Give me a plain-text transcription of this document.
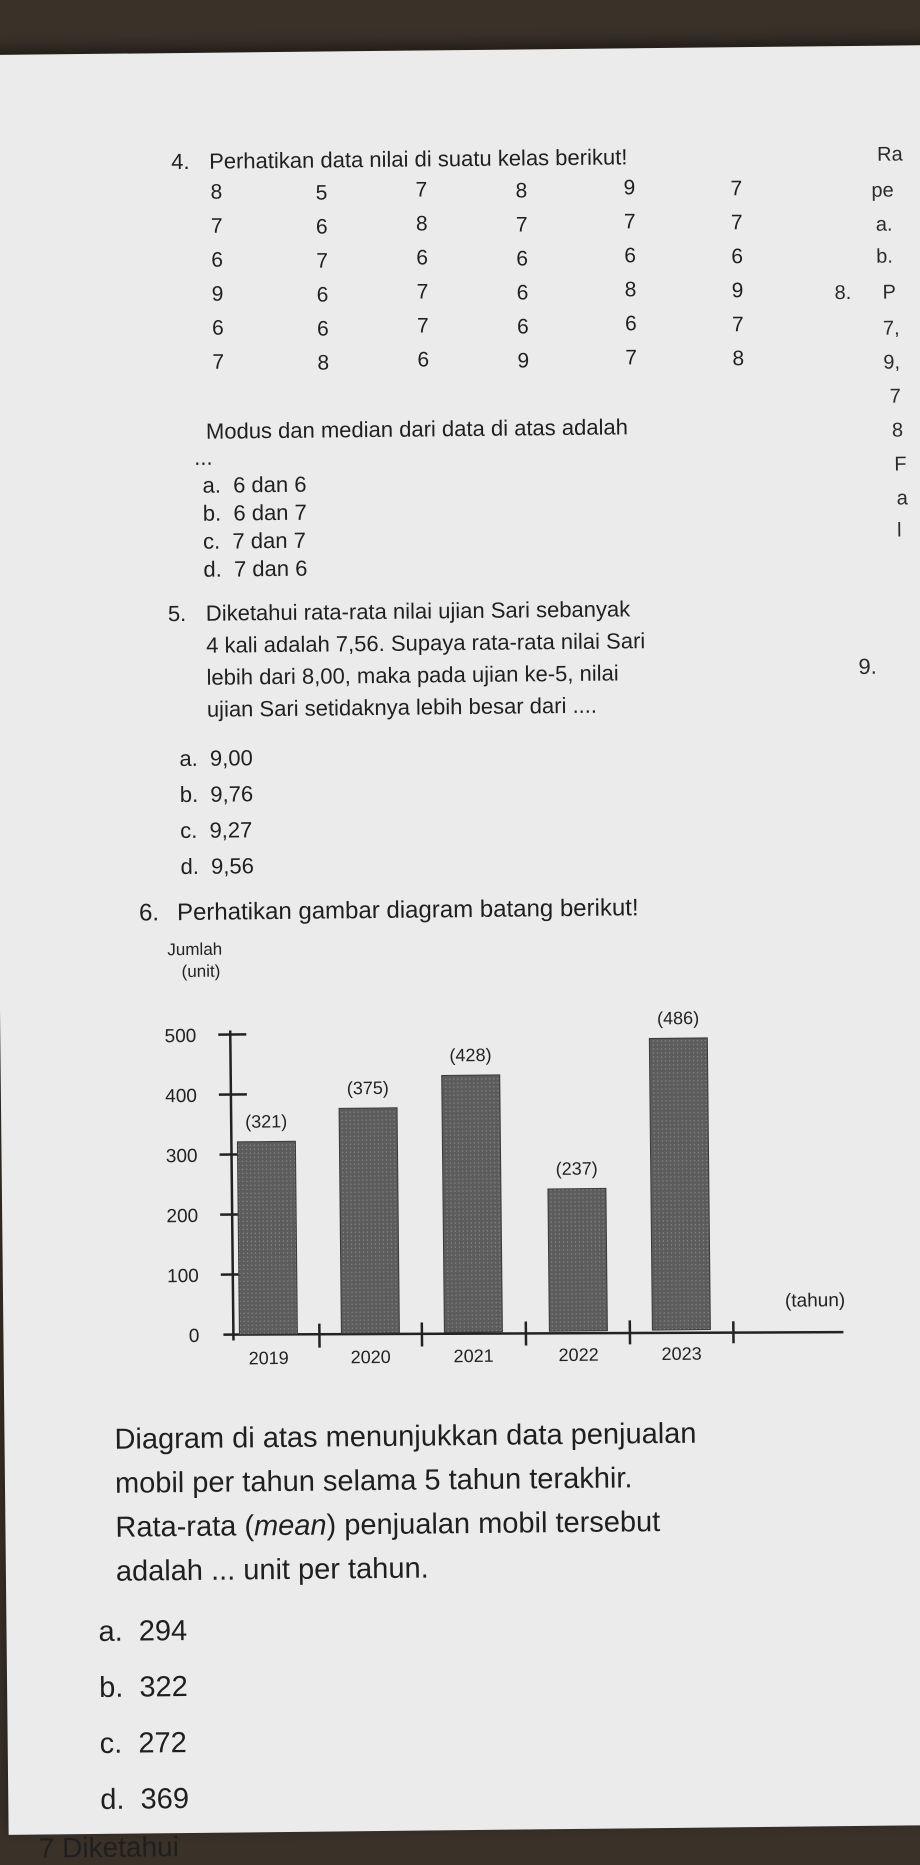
4. Perhatikan data nilai di suatu kelas berikut!
8	5	7	8	9	7
7	6	8	7	7	7
6	7	6	6	6	6
9	6	7	6	8	9
6	6	7	6	6	7
7	8	6	9	7	8
Modus dan median dari data di atas adalah
...
a. 6 dan 6
b. 6 dan 7
c. 7 dan 7
d. 7 dan 6
5. Diketahui rata-rata nilai ujian Sari sebanyak
4 kali adalah 7,56. Supaya rata-rata nilai Sari
lebih dari 8,00, maka pada ujian ke-5, nilai
ujian Sari setidaknya lebih besar dari ....
a. 9,00
b. 9,76
c. 9,27
d. 9,56
6. Perhatikan gambar diagram batang berikut!
Jumlah
(unit)
0
100
200
300
400
500
(321)
2019
(375)
2020
(428)
2021
(237)
2022
(486)
2023
(tahun)
Diagram di atas menunjukkan data penjualan
mobil per tahun selama 5 tahun terakhir.
Rata-rata (mean) penjualan mobil tersebut
adalah ... unit per tahun.
a. 294
b. 322
c. 272
d. 369
Ra
pe
a.
b.
8. P
7,
9,
7
8
F
a
l
9.
7 Diketahui
